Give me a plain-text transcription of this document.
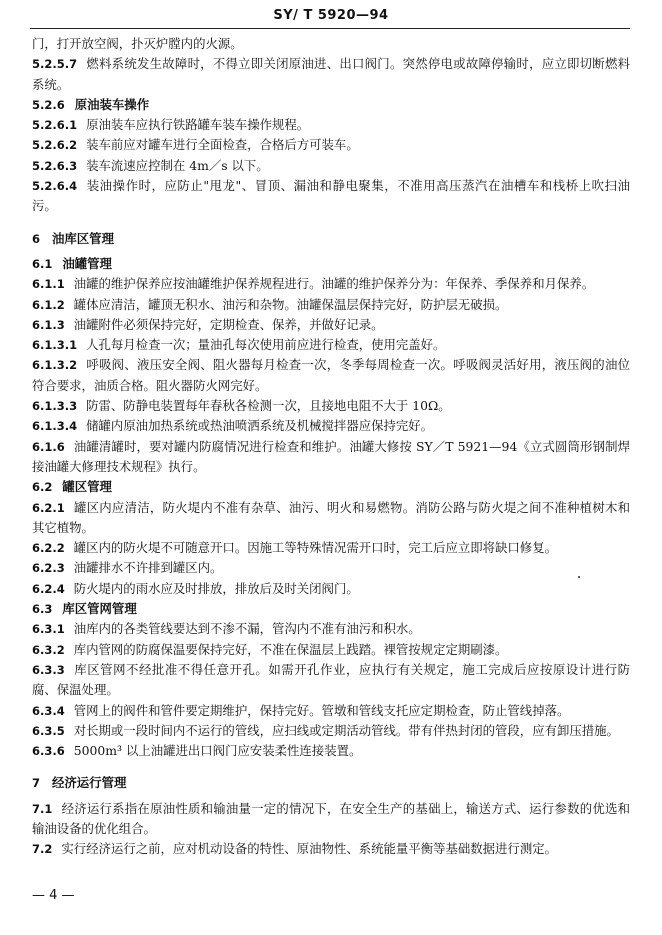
SY/ T 5920—94
门，打开放空阀，扑灭炉膛内的火源。
5.2.5.7 燃料系统发生故障时，不得立即关闭原油进、出口阀门。突然停电或故障停输时，应立即切断燃料系统。
5.2.6 原油装车操作
5.2.6.1 原油装车应执行铁路罐车装车操作规程。
5.2.6.2 装车前应对罐车进行全面检查，合格后方可装车。
5.2.6.3 装车流速应控制在 4m／s 以下。
5.2.6.4 装油操作时，应防止"甩龙"、冒顶、漏油和静电聚集，不准用高压蒸汽在油槽车和栈桥上吹扫油污。
6 油库区管理
6.1 油罐管理
6.1.1 油罐的维护保养应按油罐维护保养规程进行。油罐的维护保养分为：年保养、季保养和月保养。
6.1.2 罐体应清洁，罐顶无积水、油污和杂物。油罐保温层保持完好，防护层无破损。
6.1.3 油罐附件必须保持完好，定期检查、保养，并做好记录。
6.1.3.1 人孔每月检查一次；量油孔每次使用前应进行检查，使用完盖好。
6.1.3.2 呼吸阀、液压安全阀、阻火器每月检查一次，冬季每周检查一次。呼吸阀灵活好用，液压阀的油位符合要求，油质合格。阻火器防火网完好。
6.1.3.3 防雷、防静电装置每年春秋各检测一次，且接地电阻不大于 10Ω。
6.1.3.4 储罐内原油加热系统或热油喷洒系统及机械搅拌器应保持完好。
6.1.6 油罐清罐时，要对罐内防腐情况进行检查和维护。油罐大修按 SY／T 5921—94《立式圆筒形钢制焊接油罐大修理技术规程》执行。
6.2 罐区管理
6.2.1 罐区内应清洁，防火堤内不准有杂草、油污、明火和易燃物。消防公路与防火堤之间不准种植树木和其它植物。
6.2.2 罐区内的防火堤不可随意开口。因施工等特殊情况需开口时，完工后应立即将缺口修复。
6.2.3 油罐排水不许排到罐区内。
6.2.4 防火堤内的雨水应及时排放，排放后及时关闭阀门。
6.3 库区管网管理
6.3.1 油库内的各类管线要达到不渗不漏，管沟内不准有油污和积水。
6.3.2 库内管网的防腐保温要保持完好，不准在保温层上践踏。裸管按规定定期刷漆。
6.3.3 库区管网不经批准不得任意开孔。如需开孔作业，应执行有关规定，施工完成后应按原设计进行防腐、保温处理。
6.3.4 管网上的阀件和管件要定期维护，保持完好。管墩和管线支托应定期检查，防止管线掉落。
6.3.5 对长期或一段时间内不运行的管线，应扫线或定期活动管线。带有伴热封闭的管段，应有卸压措施。
6.3.6 5000m³ 以上油罐进出口阀门应安装柔性连接装置。
7 经济运行管理
7.1 经济运行系指在原油性质和输油量一定的情况下，在安全生产的基础上，输送方式、运行参数的优选和输油设备的优化组合。
7.2 实行经济运行之前，应对机动设备的特性、原油物性、系统能量平衡等基础数据进行测定。
— 4 —
